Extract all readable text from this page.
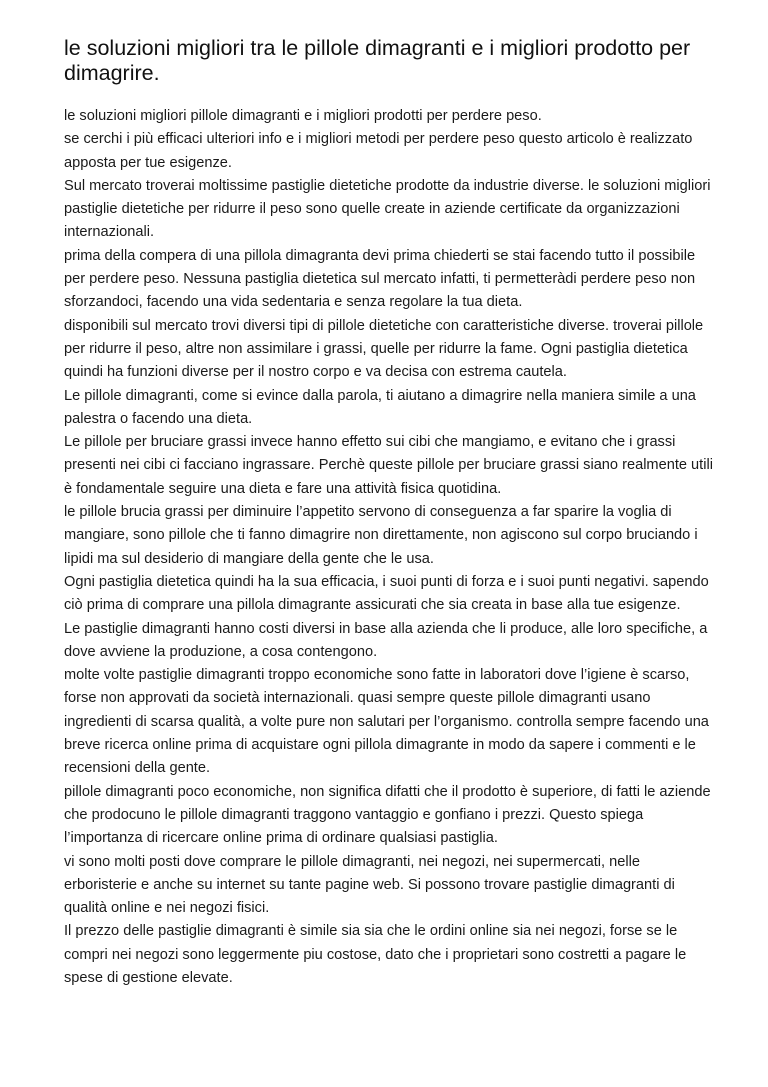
le soluzioni migliori tra le pillole dimagranti e i migliori prodotto per dimagrire.

le soluzioni migliori pillole dimagranti e i migliori prodotti per perdere peso.

se cerchi i più efficaci ulteriori info e i migliori metodi per perdere peso questo articolo è realizzato apposta per tue esigenze.

Sul mercato troverai moltissime pastiglie dietetiche prodotte da industrie diverse. le soluzioni migliori pastiglie dietetiche per ridurre il peso sono quelle create in aziende certificate da organizzazioni internazionali.

prima della compera di una pillola dimagranta devi prima chiederti se stai facendo tutto il possibile per perdere peso. Nessuna pastiglia dietetica sul mercato infatti, ti permetteràdi perdere peso non sforzandoci, facendo una vida sedentaria e senza regolare la tua dieta.

disponibili sul mercato trovi diversi tipi di pillole dietetiche con caratteristiche diverse. troverai pillole per ridurre il peso, altre non assimilare i grassi, quelle per ridurre la fame. Ogni pastiglia dietetica quindi ha funzioni diverse per il nostro corpo e va decisa con estrema cautela.

Le pillole dimagranti, come si evince dalla parola, ti aiutano a dimagrire nella maniera simile a una palestra o facendo una dieta.

Le pillole per bruciare grassi invece hanno effetto sui cibi che mangiamo, e evitano che i grassi presenti nei cibi ci facciano ingrassare. Perchè queste pillole per bruciare grassi siano realmente utili è fondamentale seguire una dieta e fare una attività fisica quotidina.

le pillole brucia grassi per diminuire l’appetito servono di conseguenza a far sparire la voglia di mangiare, sono pillole che ti fanno dimagrire non direttamente, non agiscono sul corpo bruciando i lipidi ma sul desiderio di mangiare della gente che le usa.

Ogni pastiglia dietetica quindi ha la sua efficacia, i suoi punti di forza e i suoi punti negativi. sapendo ciò prima di comprare una pillola dimagrante assicurati che sia creata in base alla tue esigenze.

Le pastiglie dimagranti hanno costi diversi in base alla azienda che li produce, alle loro specifiche, a dove avviene la produzione, a cosa contengono.

molte volte pastiglie dimagranti troppo economiche sono fatte in laboratori dove l’igiene è scarso, forse non approvati da società internazionali. quasi sempre queste pillole dimagranti usano ingredienti di scarsa qualità, a volte pure non salutari per l’organismo. controlla sempre facendo una breve ricerca online prima di acquistare ogni pillola dimagrante in modo da sapere i commenti e le recensioni della gente.

pillole dimagranti poco economiche, non significa difatti che il prodotto è superiore, di fatti le aziende che prodocuno le pillole dimagranti traggono vantaggio e gonfiano i prezzi. Questo spiega l’importanza di ricercare online prima di ordinare qualsiasi pastiglia.

vi sono molti posti dove comprare le pillole dimagranti, nei negozi, nei supermercati, nelle erboristerie e anche su internet su tante pagine web. Si possono trovare pastiglie dimagranti di qualità online e nei negozi fisici.

Il prezzo delle pastiglie dimagranti è simile sia sia che le ordini online sia nei negozi, forse se le compri nei negozi sono leggermente piu costose, dato che i proprietari sono costretti a pagare le spese di gestione elevate.
